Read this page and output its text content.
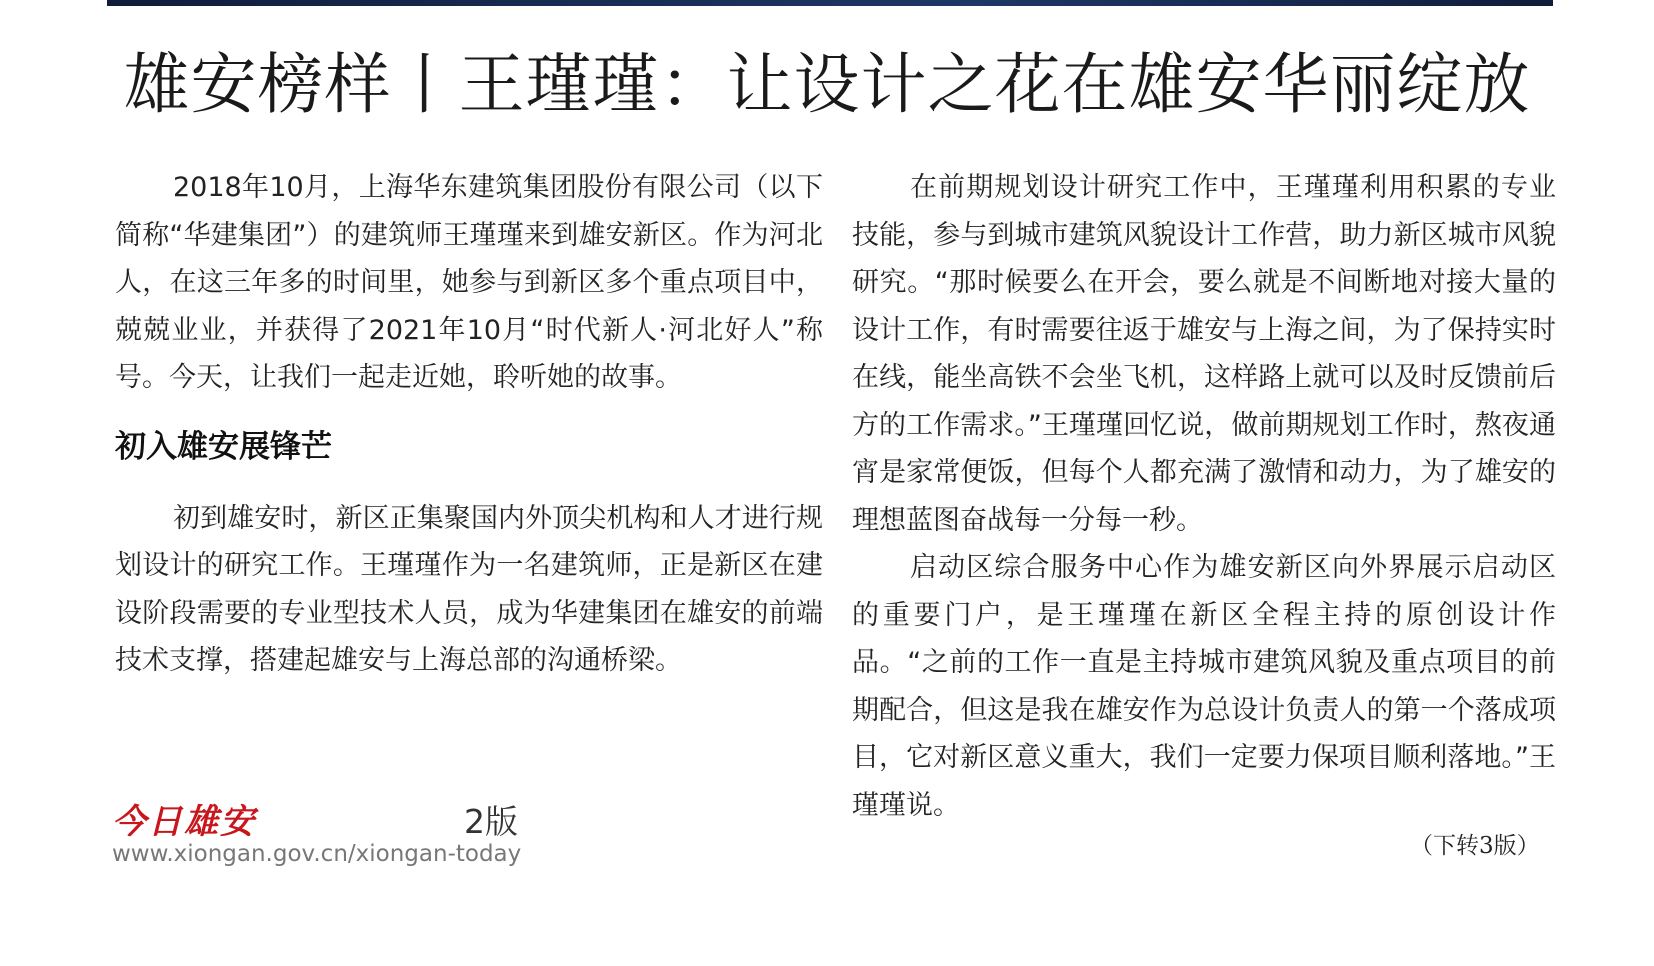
雄安榜样丨王瑾瑾：让设计之花在雄安华丽绽放

2018年10月，上海华东建筑集团股份有限公司（以下简称“华建集团”）的建筑师王瑾瑾来到雄安新区。作为河北人，在这三年多的时间里，她参与到新区多个重点项目中，兢兢业业，并获得了2021年10月“时代新人·河北好人”称号。今天，让我们一起走近她，聆听她的故事。

初入雄安展锋芒

初到雄安时，新区正集聚国内外顶尖机构和人才进行规划设计的研究工作。王瑾瑾作为一名建筑师，正是新区在建设阶段需要的专业型技术人员，成为华建集团在雄安的前端技术支撑，搭建起雄安与上海总部的沟通桥梁。

在前期规划设计研究工作中，王瑾瑾利用积累的专业技能，参与到城市建筑风貌设计工作营，助力新区城市风貌研究。“那时候要么在开会，要么就是不间断地对接大量的设计工作，有时需要往返于雄安与上海之间，为了保持实时在线，能坐高铁不会坐飞机，这样路上就可以及时反馈前后方的工作需求。”王瑾瑾回忆说，做前期规划工作时，熬夜通宵是家常便饭，但每个人都充满了激情和动力，为了雄安的理想蓝图奋战每一分每一秒。

启动区综合服务中心作为雄安新区向外界展示启动区的重要门户，是王瑾瑾在新区全程主持的原创设计作品。“之前的工作一直是主持城市建筑风貌及重点项目的前期配合，但这是我在雄安作为总设计负责人的第一个落成项目，它对新区意义重大，我们一定要力保项目顺利落地。”王瑾瑾说。

（下转3版）
今日雄安	2版
www.xiongan.gov.cn/xiongan-today
